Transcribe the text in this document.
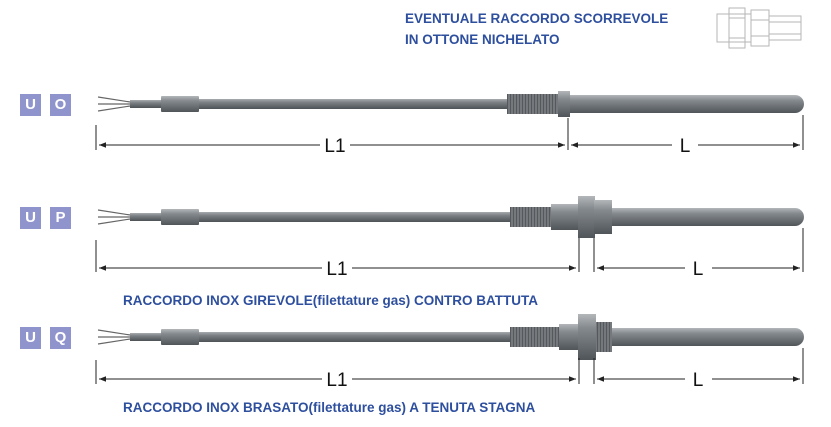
L1	L
L1	L
L1	L
EVENTUALE RACCORDO SCORREVOLE
IN OTTONE NICHELATO
U	O
U	P
U	Q
RACCORDO INOX GIREVOLE(filettature gas) CONTRO BATTUTA
RACCORDO INOX BRASATO(filettature gas) A TENUTA STAGNA
